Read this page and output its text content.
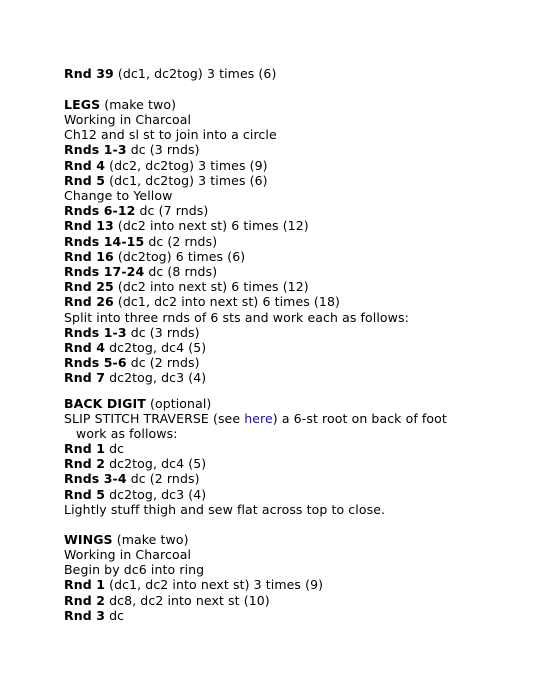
Rnd 39 (dc1, dc2tog) 3 times (6)
LEGS (make two)
Working in Charcoal
Ch12 and sl st to join into a circle
Rnds 1-3 dc (3 rnds)
Rnd 4 (dc2, dc2tog) 3 times (9)
Rnd 5 (dc1, dc2tog) 3 times (6)
Change to Yellow
Rnds 6-12 dc (7 rnds)
Rnd 13 (dc2 into next st) 6 times (12)
Rnds 14-15 dc (2 rnds)
Rnd 16 (dc2tog) 6 times (6)
Rnds 17-24 dc (8 rnds)
Rnd 25 (dc2 into next st) 6 times (12)
Rnd 26 (dc1, dc2 into next st) 6 times (18)
Split into three rnds of 6 sts and work each as follows:
Rnds 1-3 dc (3 rnds)
Rnd 4 dc2tog, dc4 (5)
Rnds 5-6 dc (2 rnds)
Rnd 7 dc2tog, dc3 (4)
BACK DIGIT (optional)
SLIP STITCH TRAVERSE (see here) a 6-st root on back of foot
work as follows:
Rnd 1 dc
Rnd 2 dc2tog, dc4 (5)
Rnds 3-4 dc (2 rnds)
Rnd 5 dc2tog, dc3 (4)
Lightly stuff thigh and sew flat across top to close.
WINGS (make two)
Working in Charcoal
Begin by dc6 into ring
Rnd 1 (dc1, dc2 into next st) 3 times (9)
Rnd 2 dc8, dc2 into next st (10)
Rnd 3 dc
